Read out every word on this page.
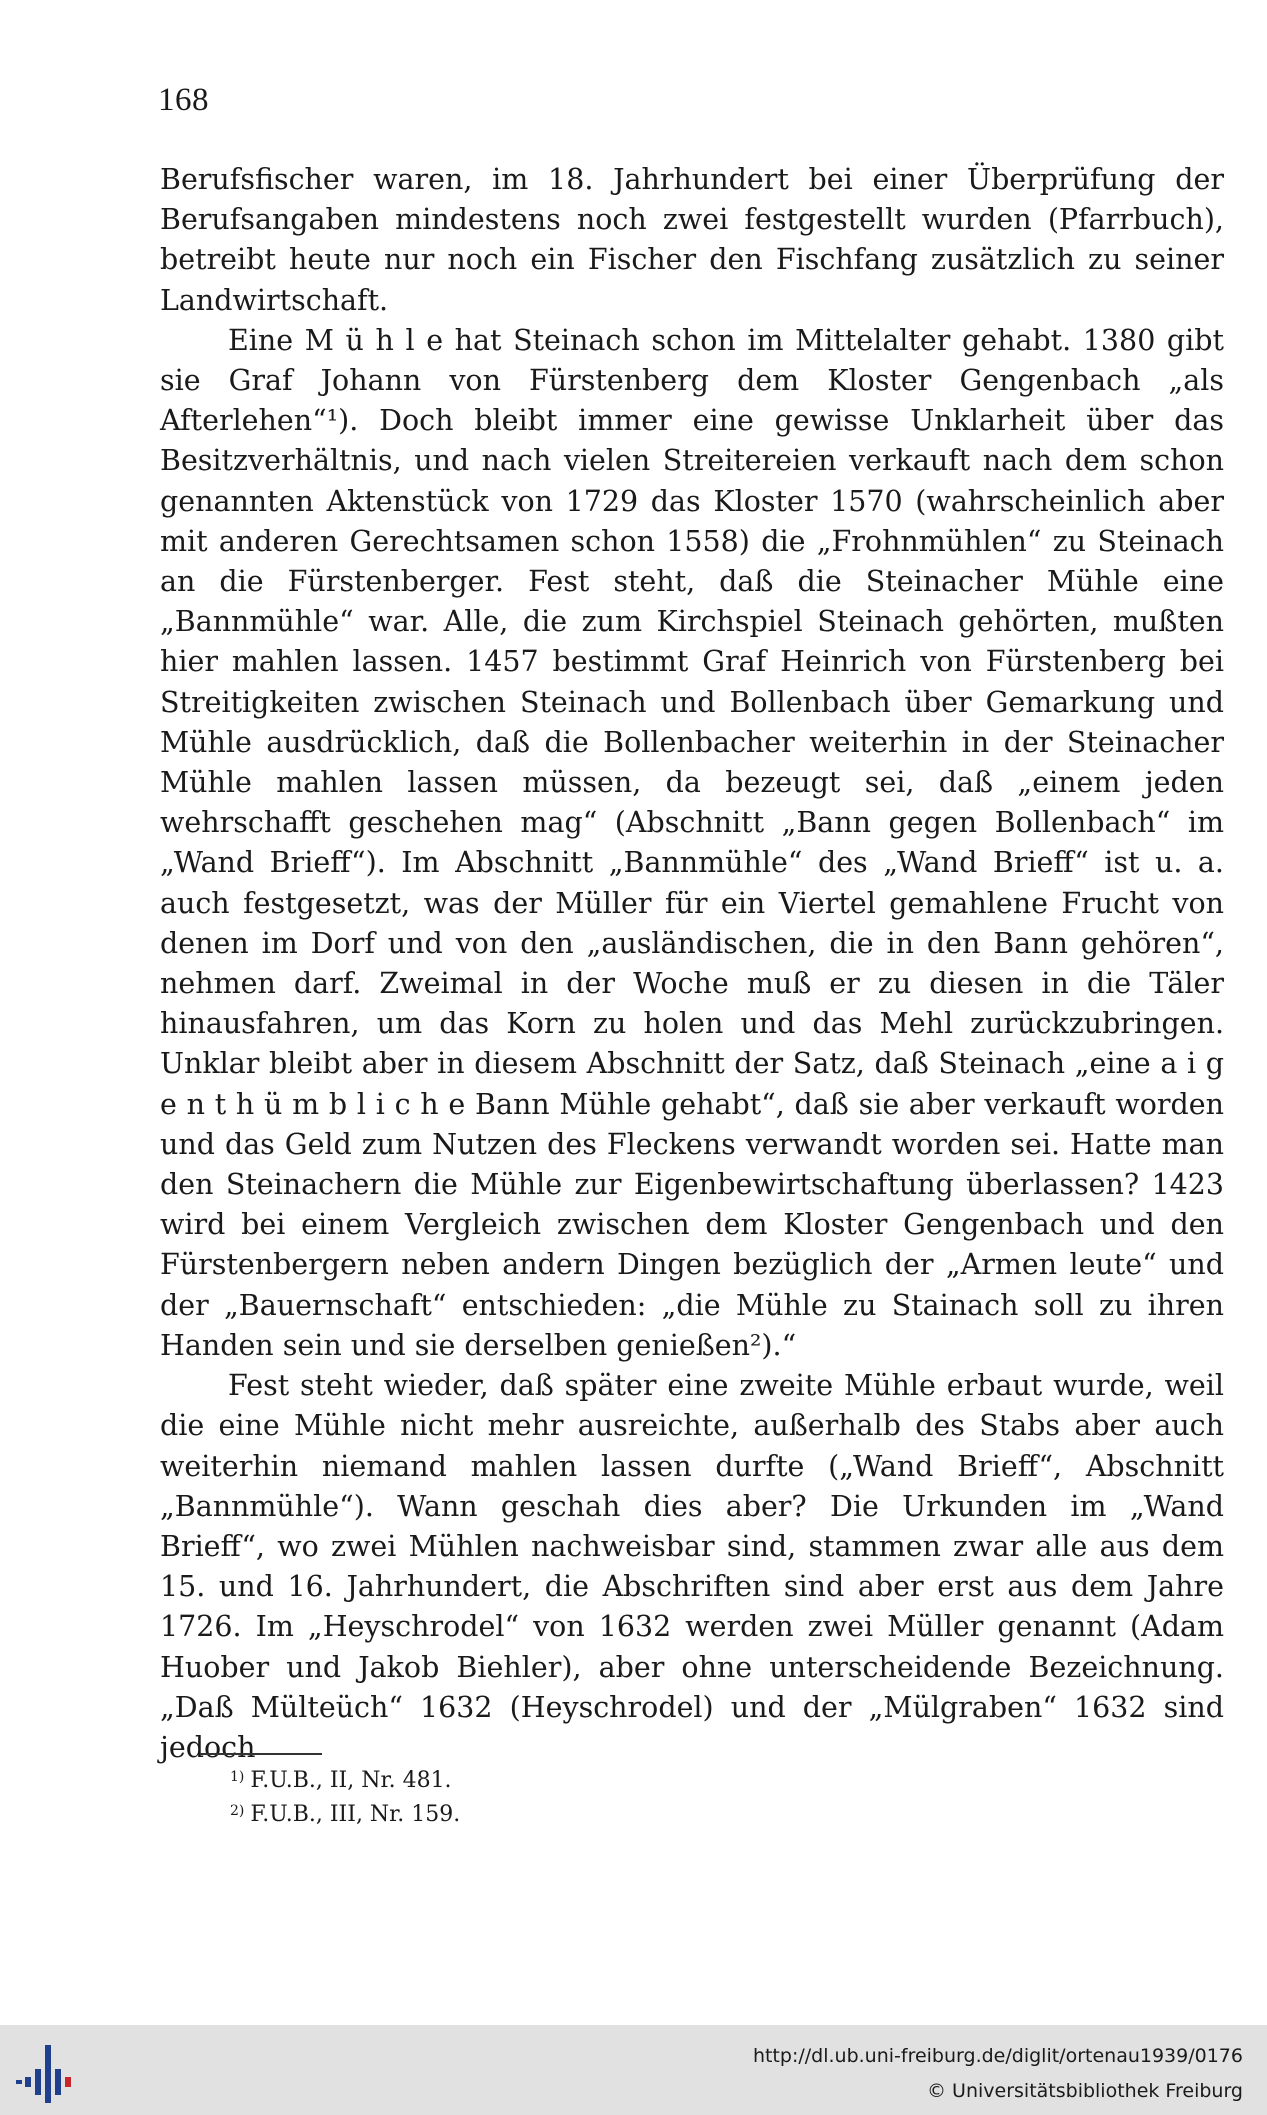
168

Berufsfischer waren, im 18. Jahrhundert bei einer Überprüfung der Berufsangaben mindestens noch zwei festgestellt wurden (Pfarrbuch), betreibt heute nur noch ein Fischer den Fischfang zusätzlich zu seiner Landwirtschaft.

Eine M ü h l e hat Steinach schon im Mittelalter gehabt. 1380 gibt sie Graf Johann von Fürstenberg dem Kloster Gengenbach „als Afterlehen“¹). Doch bleibt immer eine gewisse Unklarheit über das Besitzverhältnis, und nach vielen Streitereien verkauft nach dem schon genannten Aktenstück von 1729 das Kloster 1570 (wahrscheinlich aber mit anderen Gerechtsamen schon 1558) die „Frohnmühlen“ zu Steinach an die Fürstenberger. Fest steht, daß die Steinacher Mühle eine „Bannmühle“ war. Alle, die zum Kirchspiel Steinach gehörten, mußten hier mahlen lassen. 1457 bestimmt Graf Heinrich von Fürstenberg bei Streitigkeiten zwischen Steinach und Bollenbach über Gemarkung und Mühle ausdrücklich, daß die Bollenbacher weiterhin in der Steinacher Mühle mahlen lassen müssen, da bezeugt sei, daß „einem jeden wehrschafft geschehen mag“ (Abschnitt „Bann gegen Bollenbach“ im „Wand Brieff“). Im Abschnitt „Bannmühle“ des „Wand Brieff“ ist u. a. auch festgesetzt, was der Müller für ein Viertel gemahlene Frucht von denen im Dorf und von den „ausländischen, die in den Bann gehören“, nehmen darf. Zweimal in der Woche muß er zu diesen in die Täler hinausfahren, um das Korn zu holen und das Mehl zurückzubringen. Unklar bleibt aber in diesem Abschnitt der Satz, daß Steinach „eine a i g e n t h ü m b l i c h e Bann Mühle gehabt“, daß sie aber verkauft worden und das Geld zum Nutzen des Fleckens verwandt worden sei. Hatte man den Steinachern die Mühle zur Eigenbewirtschaftung überlassen? 1423 wird bei einem Vergleich zwischen dem Kloster Gengenbach und den Fürstenbergern neben andern Dingen bezüglich der „Armen leute“ und der „Bauernschaft“ entschieden: „die Mühle zu Stainach soll zu ihren Handen sein und sie derselben genießen²).“

Fest steht wieder, daß später eine zweite Mühle erbaut wurde, weil die eine Mühle nicht mehr ausreichte, außerhalb des Stabs aber auch weiterhin niemand mahlen lassen durfte („Wand Brieff“, Abschnitt „Bannmühle“). Wann geschah dies aber? Die Urkunden im „Wand Brieff“, wo zwei Mühlen nachweisbar sind, stammen zwar alle aus dem 15. und 16. Jahrhundert, die Abschriften sind aber erst aus dem Jahre 1726. Im „Heyschrodel“ von 1632 werden zwei Müller genannt (Adam Huober und Jakob Biehler), aber ohne unterscheidende Bezeichnung. „Daß Mülteüch“ 1632 (Heyschrodel) und der „Mülgraben“ 1632 sind jedoch

$^{1)}$ F.U.B., II, Nr. 481.
$^{2)}$ F.U.B., III, Nr. 159.
http://dl.ub.uni-freiburg.de/diglit/ortenau1939/0176
© Universitätsbibliothek Freiburg
